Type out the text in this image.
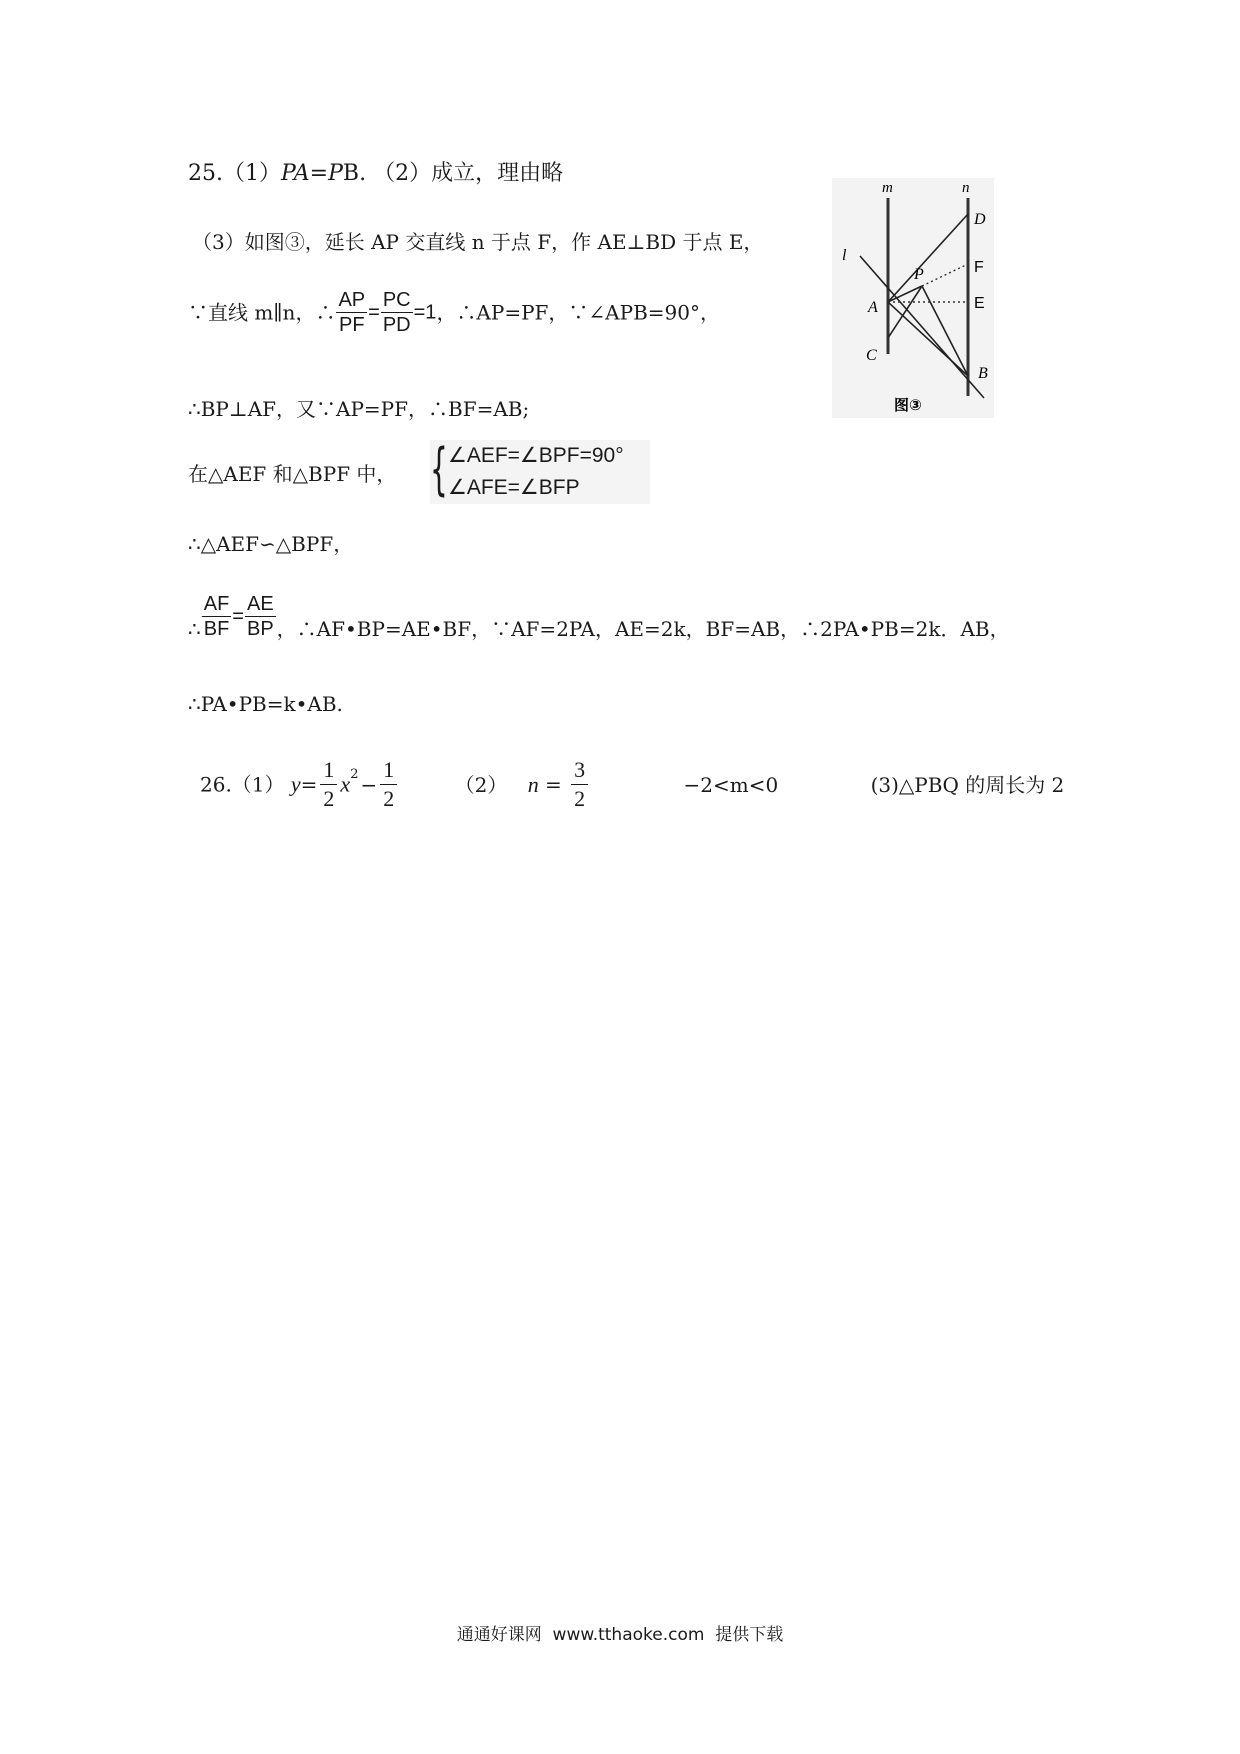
25.（1）PA=PB. （2）成立，理由略
（3）如图③，延长 AP 交直线 n 于点 F，作 AE⊥BD 于点 E，
∵直线 m∥n，∴ $\frac{AP}{PF} = \frac{PC}{PD} =1$，∴AP=PF，∵∠APB=90°，
∴BP⊥AF，又∵AP=PF，∴BF=AB;
在△AEF 和△BPF 中， { ∠AEF=∠BPF=90°
∠AFE=∠BFP
∴△AEF∽△BPF，
∴ $\frac{AF}{BF} = \frac{AE}{BP}$ ，∴AF•BP=AE•BF，∵AF=2PA，AE=2k，BF=AB，∴2PA•PB=2k．AB，
∴PA•PB=k•AB.
26.（1） $y= \frac{1}{2} x^2 - \frac{1}{2}$	（2） $n = \frac{3}{2}$	−2<m<0	(3)△PBQ 的周长为 2
m	n
D
F
P
l
A	E
C
B
图③
通通好课网  www.tthaoke.com  提供下载
